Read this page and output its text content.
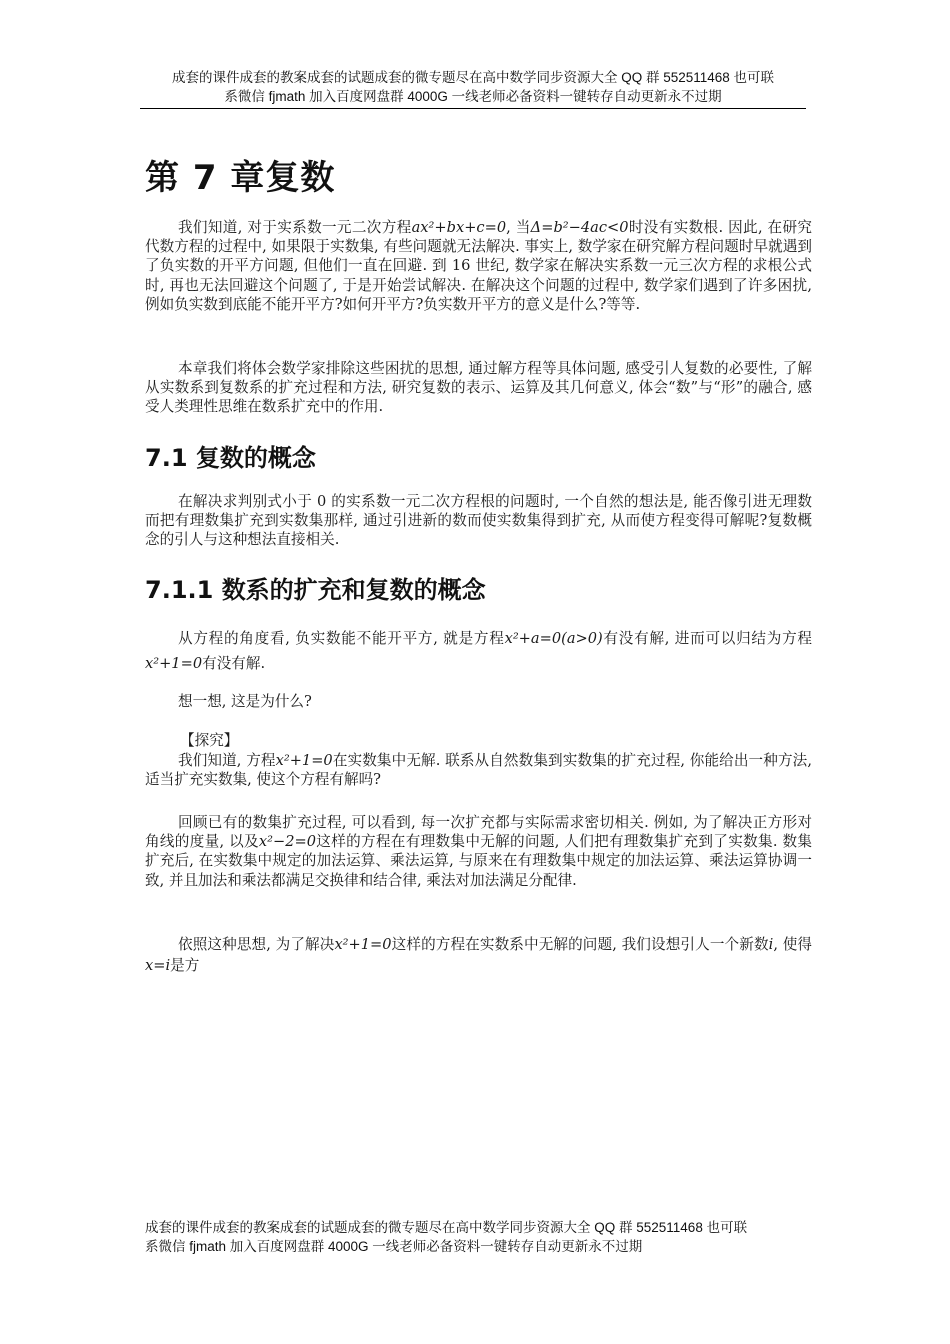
成套的课件成套的教案成套的试题成套的微专题尽在高中数学同步资源大全 QQ 群 552511468 也可联
系微信 fjmath 加入百度网盘群 4000G 一线老师必备资料一键转存自动更新永不过期
第 7 章复数

我们知道, 对于实系数一元二次方程ax²+bx+c=0, 当Δ=b²−4ac<0时没有实数根. 因此, 在研究代数方程的过程中, 如果限于实数集, 有些问题就无法解决. 事实上, 数学家在研究解方程问题时早就遇到了负实数的开平方问题, 但他们一直在回避. 到 16 世纪, 数学家在解决实系数一元三次方程的求根公式时, 再也无法回避这个问题了, 于是开始尝试解决. 在解决这个问题的过程中, 数学家们遇到了许多困扰, 例如负实数到底能不能开平方?如何开平方?负实数开平方的意义是什么?等等.

本章我们将体会数学家排除这些困扰的思想, 通过解方程等具体问题, 感受引人复数的必要性, 了解从实数系到复数系的扩充过程和方法, 研究复数的表示、运算及其几何意义, 体会“数”与“形”的融合, 感受人类理性思维在数系扩充中的作用.

7.1 复数的概念

在解决求判别式小于 0 的实系数一元二次方程根的问题时, 一个自然的想法是, 能否像引进无理数而把有理数集扩充到实数集那样, 通过引进新的数而使实数集得到扩充, 从而使方程变得可解呢?复数概念的引人与这种想法直接相关.

7.1.1 数系的扩充和复数的概念

从方程的角度看, 负实数能不能开平方, 就是方程x²+a=0(a>0)有没有解, 进而可以归结为方程x²+1=0有没有解.

想一想, 这是为什么?

【探究】

我们知道, 方程x²+1=0在实数集中无解. 联系从自然数集到实数集的扩充过程, 你能给出一种方法, 适当扩充实数集, 使这个方程有解吗?

回顾已有的数集扩充过程, 可以看到, 每一次扩充都与实际需求密切相关. 例如, 为了解决正方形对角线的度量, 以及x²−2=0这样的方程在有理数集中无解的问题, 人们把有理数集扩充到了实数集. 数集扩充后, 在实数集中规定的加法运算、乘法运算, 与原来在有理数集中规定的加法运算、乘法运算协调一致, 并且加法和乘法都满足交换律和结合律, 乘法对加法满足分配律.

依照这种思想, 为了解决x²+1=0这样的方程在实数系中无解的问题, 我们设想引人一个新数i, 使得x=i是方

成套的课件成套的教案成套的试题成套的微专题尽在高中数学同步资源大全 QQ 群 552511468 也可联
系微信 fjmath 加入百度网盘群 4000G 一线老师必备资料一键转存自动更新永不过期
